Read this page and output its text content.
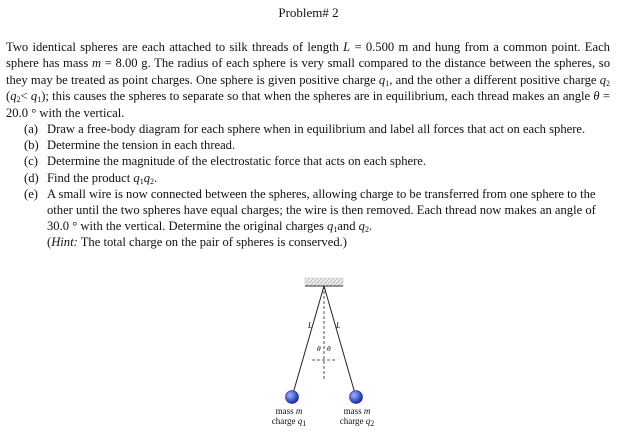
Problem# 2
Two identical spheres are each attached to silk threads of length L = 0.500 m and hung from a common point. Each sphere has mass m = 8.00 g. The radius of each sphere is very small compared to the distance between the spheres, so they may be treated as point charges. One sphere is given positive charge $q_1$, and the other a different positive charge $q_2$ $(q_2< q_1)$; this causes the spheres to separate so that when the spheres are in equilibrium, each thread makes an angle θ = 20.0 ° with the vertical.
(a) Draw a free-body diagram for each sphere when in equilibrium and label all forces that act on each sphere.
(b) Determine the tension in each thread.
(c) Determine the magnitude of the electrostatic force that acts on each sphere.
(d) Find the product $q_1q_2$.
(e) A small wire is now connected between the spheres, allowing charge to be transferred from one sphere to the other until the two spheres have equal charges; the wire is then removed. Each thread now makes an angle of 30.0 ° with the vertical. Determine the original charges $q_1and$ $q_2$.
(Hint: The total charge on the pair of spheres is conserved.)
L	L
θ θ
mass m
charge $q_1$
mass m
charge $q_2$
